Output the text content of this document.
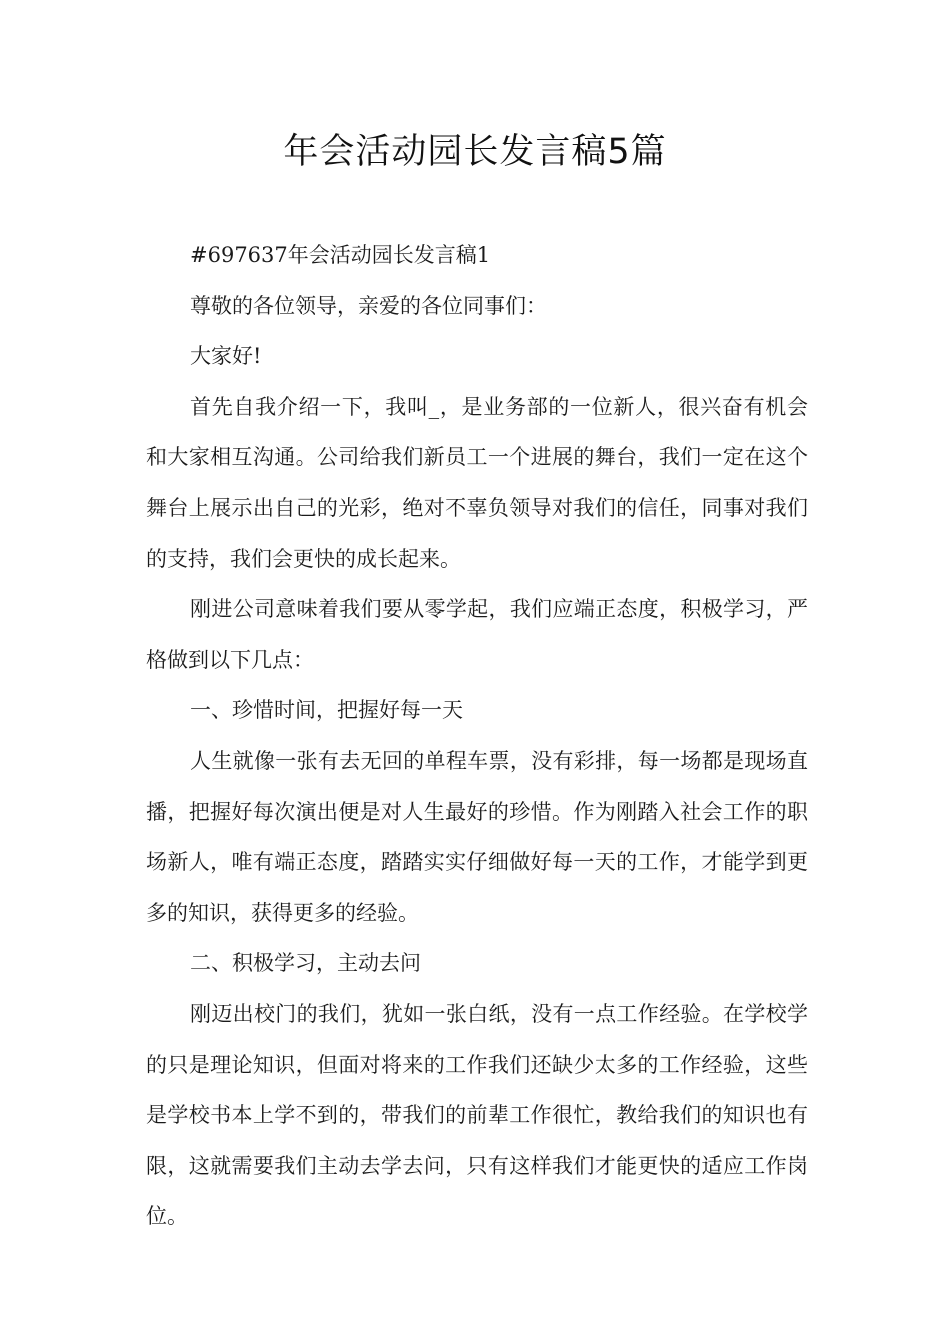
年会活动园长发言稿5篇

#697637年会活动园长发言稿1

尊敬的各位领导，亲爱的各位同事们：

大家好!

首先自我介绍一下，我叫_，是业务部的一位新人，很兴奋有机会和大家相互沟通。公司给我们新员工一个进展的舞台，我们一定在这个舞台上展示出自己的光彩，绝对不辜负领导对我们的信任，同事对我们的支持，我们会更快的成长起来。

刚进公司意味着我们要从零学起，我们应端正态度，积极学习，严格做到以下几点：

一、珍惜时间，把握好每一天

人生就像一张有去无回的单程车票，没有彩排，每一场都是现场直播，把握好每次演出便是对人生最好的珍惜。作为刚踏入社会工作的职场新人，唯有端正态度，踏踏实实仔细做好每一天的工作，才能学到更多的知识，获得更多的经验。

二、积极学习，主动去问

刚迈出校门的我们，犹如一张白纸，没有一点工作经验。在学校学的只是理论知识，但面对将来的工作我们还缺少太多的工作经验，这些是学校书本上学不到的，带我们的前辈工作很忙，教给我们的知识也有限，这就需要我们主动去学去问，只有这样我们才能更快的适应工作岗位。
